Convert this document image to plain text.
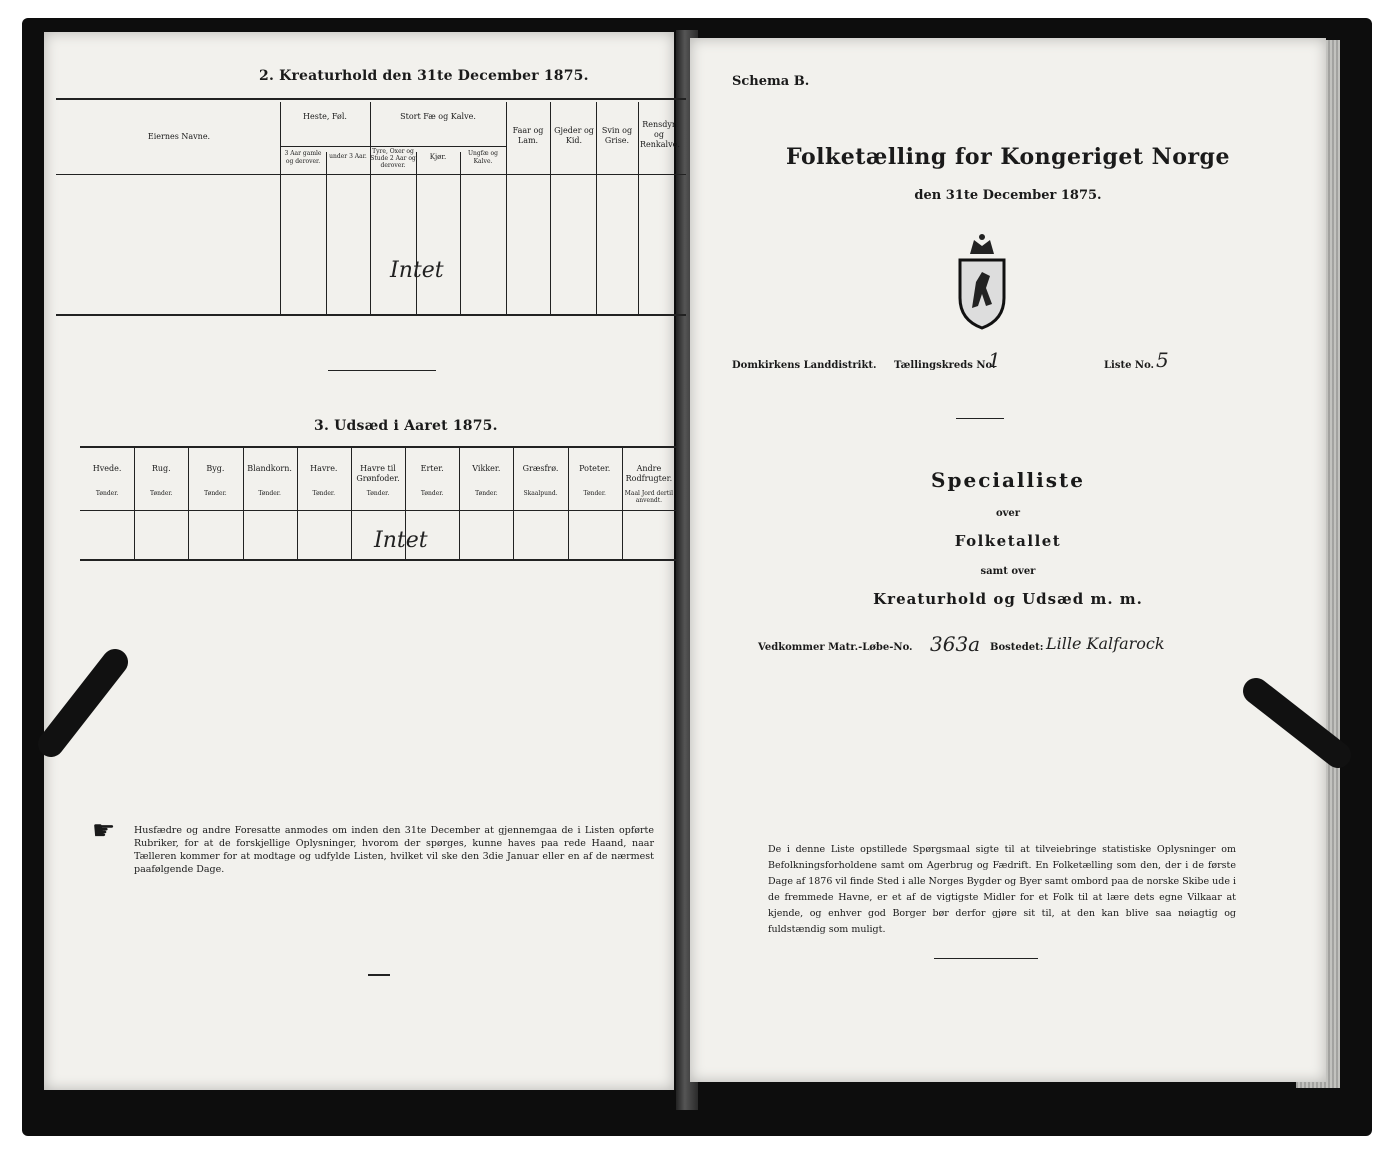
2. Kreaturhold den 31te December 1875.
Eiernes Navne.
Heste, Føl.
3 Aar gamle og derover.
under 3 Aar.
Stort Fæ og Kalve.
Tyre, Oxer og Stude 2 Aar og derover.
Kjør.	Ungfæ og Kalve.
Faar og Lam.
Gjeder og Kid.
Svin og Grise.
Rensdyr og Renkalve.
Intet
3. Udsæd i Aaret 1875.
Hvede.
Tønder.
Rug.
Tønder.
Byg.
Tønder.
Blandkorn.
Tønder.
Havre.
Tønder.
Havre til Grønfoder.
Tønder.
Erter.
Tønder.
Vikker.
Tønder.
Græsfrø.
Skaalpund.
Poteter.
Tønder.
Andre Rodfrugter.
Maal Jord dertil anvendt.
Intet
☛ Husfædre og andre Foresatte anmodes om inden den 31te December at gjennemgaa de i Listen opførte Rubriker, for at de forskjellige Oplysninger, hvorom der spørges, kunne haves paa rede Haand, naar Tælleren kommer for at modtage og udfylde Listen, hvilket vil ske den 3die Januar eller en af de nærmest paafølgende Dage.
Schema B.
Folketælling for Kongeriget Norge
den 31te December 1875.
Domkirkens Landdistrikt. Tællingskreds No.
1	Liste No. 5
Specialliste
over
Folketallet
samt over
Kreaturhold og Udsæd m. m.
Vedkommer Matr.-Løbe-No. 363a Bostedet: Lille Kalfarock
De i denne Liste opstillede Spørgsmaal sigte til at tilveiebringe statistiske Oplysninger om Befolkningsforholdene samt om Agerbrug og Fædrift. En Folketælling som den, der i de første Dage af 1876 vil finde Sted i alle Norges Bygder og Byer samt ombord paa de norske Skibe ude i de fremmede Havne, er et af de vigtigste Midler for et Folk til at lære dets egne Vilkaar at kjende, og enhver god Borger bør derfor gjøre sit til, at den kan blive saa nøiagtig og fuldstændig som muligt.
